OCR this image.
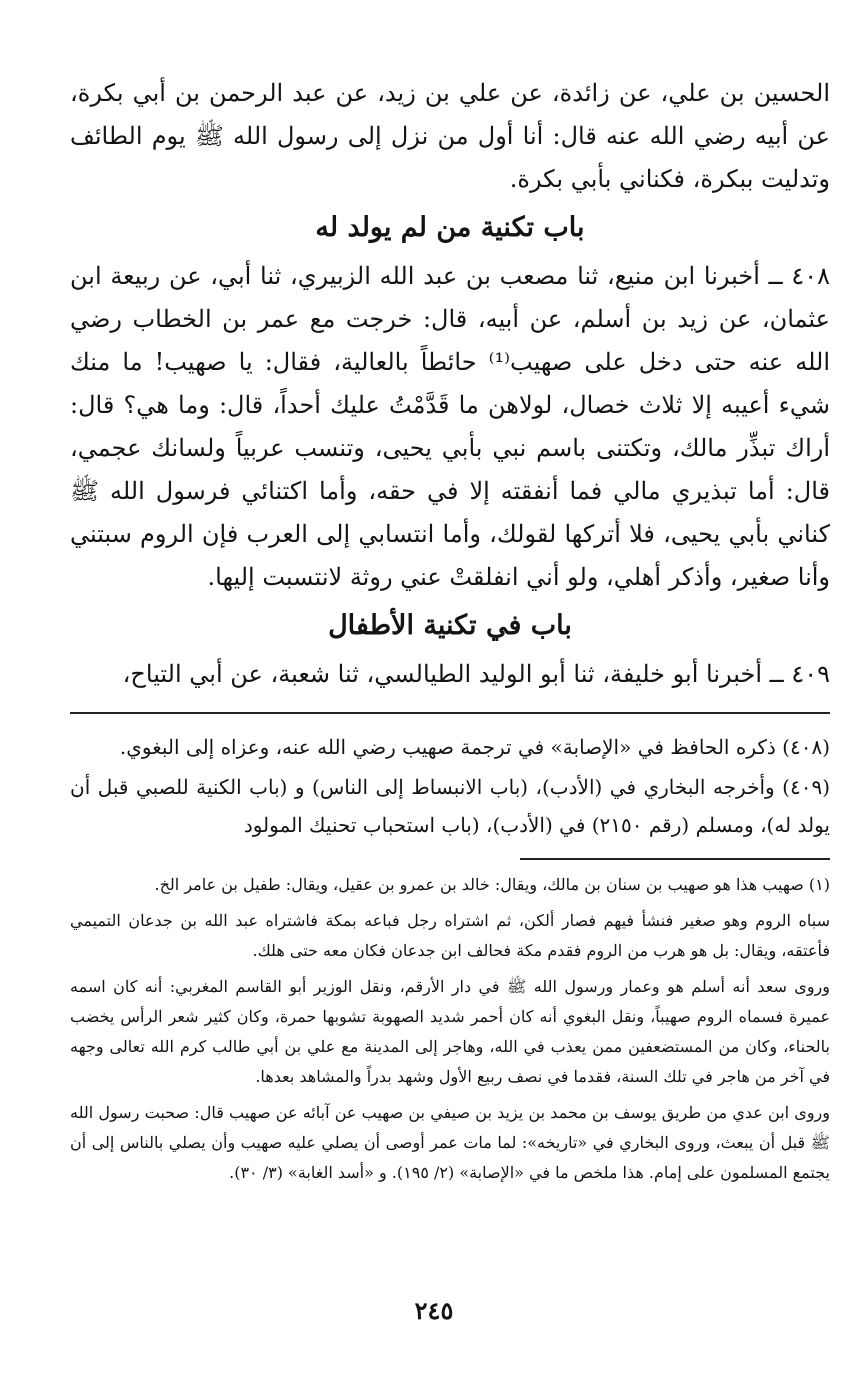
الحسين بن علي، عن زائدة، عن علي بن زيد، عن عبد الرحمن بن أبي بكرة، عن أبيه رضي الله عنه قال: أنا أول من نزل إلى رسول الله ﷺ يوم الطائف وتدليت ببكرة، فكناني بأبي بكرة.

باب تكنية من لم يولد له

٤٠٨ ــ أخبرنا ابن منيع، ثنا مصعب بن عبد الله الزبيري، ثنا أبي، عن ربيعة ابن عثمان، عن زيد بن أسلم، عن أبيه، قال: خرجت مع عمر بن الخطاب رضي الله عنه حتى دخل على صهيب⁽¹⁾ حائطاً بالعالية، فقال: يا صهيب! ما منك شيء أعيبه إلا ثلاث خصال، لولاهن ما قَدَّمْتُ عليك أحداً، قال: وما هي؟ قال: أراك تبذِّر مالك، وتكتنى باسم نبي بأبي يحيى، وتنسب عربياً ولسانك عجمي، قال: أما تبذيري مالي فما أنفقته إلا في حقه، وأما اكتنائي فرسول الله ﷺ كناني بأبي يحيى، فلا أتركها لقولك، وأما انتسابي إلى العرب فإن الروم سبتني وأنا صغير، وأذكر أهلي، ولو أني انفلقتْ عني روثة لانتسبت إليها.

باب في تكنية الأطفال

٤٠٩ ــ أخبرنا أبو خليفة، ثنا أبو الوليد الطيالسي، ثنا شعبة، عن أبي التياح،

(٤٠٨) ذكره الحافظ في «الإصابة» في ترجمة صهيب رضي الله عنه، وعزاه إلى البغوي.

(٤٠٩) وأخرجه البخاري في (الأدب)، (باب الانبساط إلى الناس) و (باب الكنية للصبي قبل أن يولد له)، ومسلم (رقم ٢١٥٠) في (الأدب)، (باب استحباب تحنيك المولود

(١) صهيب هذا هو صهيب بن سنان بن مالك، ويقال: خالد بن عمرو بن عقيل، ويقال: طفيل بن عامر الخ.

سباه الروم وهو صغير فنشأ فيهم فصار ألكن، ثم اشتراه رجل فباعه بمكة فاشتراه عبد الله بن جدعان التميمي فأعتقه، ويقال: بل هو هرب من الروم فقدم مكة فحالف ابن جدعان فكان معه حتى هلك.

وروى سعد أنه أسلم هو وعمار ورسول الله ﷺ في دار الأرقم، ونقل الوزير أبو القاسم المغربي: أنه كان اسمه عميرة فسماه الروم صهيباً، ونقل البغوي أنه كان أحمر شديد الصهوبة تشوبها حمرة، وكان كثير شعر الرأس يخضب بالحناء، وكان من المستضعفين ممن يعذب في الله، وهاجر إلى المدينة مع علي بن أبي طالب كرم الله تعالى وجهه في آخر من هاجر في تلك السنة، فقدما في نصف ربيع الأول وشهد بدراً والمشاهد بعدها.

وروى ابن عدي من طريق يوسف بن محمد بن يزيد بن صيفي بن صهيب عن آبائه عن صهيب قال: صحبت رسول الله ﷺ قبل أن يبعث، وروى البخاري في «تاريخه»: لما مات عمر أوصى أن يصلي عليه صهيب وأن يصلي بالناس إلى أن يجتمع المسلمون على إمام. هذا ملخص ما في «الإصابة» (٢/ ١٩٥). و «أسد الغابة» (٣/ ٣٠).

٢٤٥
